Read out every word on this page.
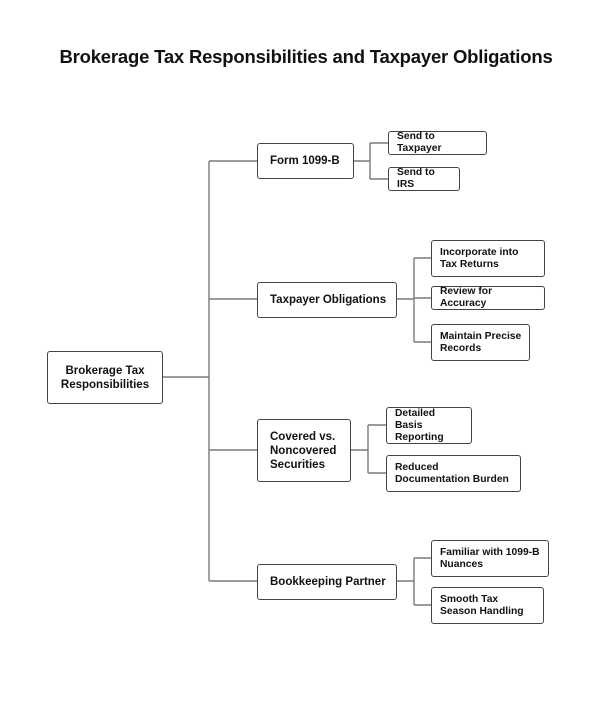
Brokerage Tax Responsibilities and Taxpayer Obligations
Brokerage Tax Responsibilities
Form 1099-B
Send to Taxpayer
Send to IRS
Taxpayer Obligations
Incorporate into Tax Returns
Review for Accuracy
Maintain Precise Records
Covered vs. Noncovered Securities
Detailed Basis Reporting
Reduced Documentation Burden
Bookkeeping Partner
Familiar with 1099-B Nuances
Smooth Tax Season Handling
